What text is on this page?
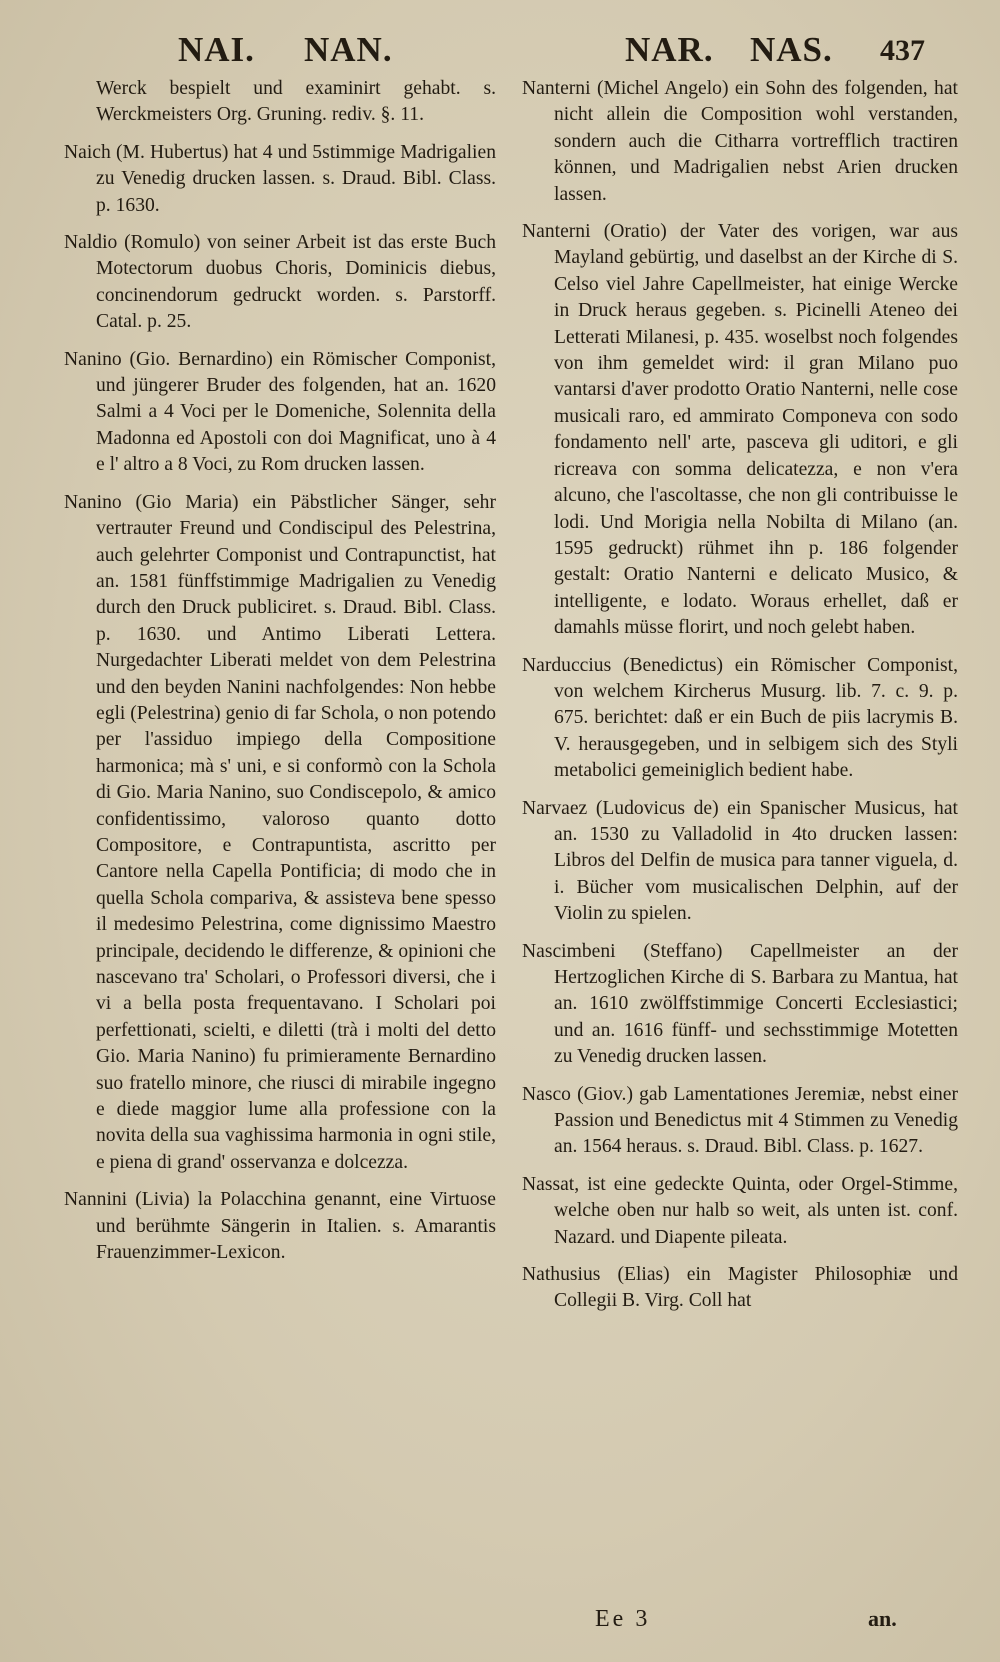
NAI. NAN.	NAR. NAS. 437

Werck bespielt und examinirt gehabt. s. Werckmeisters Org. Gruning. rediv. §. 11.

Naich (M. Hubertus) hat 4 und 5stimmige Madrigalien zu Venedig drucken lassen. s. Draud. Bibl. Class. p. 1630.

Naldio (Romulo) von seiner Arbeit ist das erste Buch Motectorum duobus Choris, Dominicis diebus, concinendorum gedruckt worden. s. Parstorff. Catal. p. 25.

Nanino (Gio. Bernardino) ein Römischer Componist, und jüngerer Bruder des folgenden, hat an. 1620 Salmi a 4 Voci per le Domeniche, Solennita della Madonna ed Apostoli con doi Magnificat, uno à 4 e l' altro a 8 Voci, zu Rom drucken lassen.

Nanino (Gio Maria) ein Päbstlicher Sänger, sehr vertrauter Freund und Condiscipul des Pelestrina, auch gelehrter Componist und Contrapunctist, hat an. 1581 fünffstimmige Madrigalien zu Venedig durch den Druck publiciret. s. Draud. Bibl. Class. p. 1630. und Antimo Liberati Lettera. Nurgedachter Liberati meldet von dem Pelestrina und den beyden Nanini nachfolgendes: Non hebbe egli (Pelestrina) genio di far Schola, o non potendo per l'assiduo impiego della Compositione harmonica; mà s' uni, e si conformò con la Schola di Gio. Maria Nanino, suo Condiscepolo, & amico confidentissimo, valoroso quanto dotto Compositore, e Contrapuntista, ascritto per Cantore nella Capella Pontificia; di modo che in quella Schola compariva, & assisteva bene spesso il medesimo Pelestrina, come dignissimo Maestro principale, decidendo le differenze, & opinioni che nascevano tra' Scholari, o Professori diversi, che i vi a bella posta frequentavano. I Scholari poi perfettionati, scielti, e diletti (trà i molti del detto Gio. Maria Nanino) fu primieramente Bernardino suo fratello minore, che riusci di mirabile ingegno e diede maggior lume alla professione con la novita della sua vaghissima harmonia in ogni stile, e piena di grand' osservanza e dolcezza.

Nannini (Livia) la Polacchina genannt, eine Virtuose und berühmte Sängerin in Italien. s. Amarantis Frauenzimmer-Lexicon.

Nanterni (Michel Angelo) ein Sohn des folgenden, hat nicht allein die Composition wohl verstanden, sondern auch die Citharra vortrefflich tractiren können, und Madrigalien nebst Arien drucken lassen.

Nanterni (Oratio) der Vater des vorigen, war aus Mayland gebürtig, und daselbst an der Kirche di S. Celso viel Jahre Capellmeister, hat einige Wercke in Druck heraus gegeben. s. Picinelli Ateneo dei Letterati Milanesi, p. 435. woselbst noch folgendes von ihm gemeldet wird: il gran Milano puo vantarsi d'aver prodotto Oratio Nanterni, nelle cose musicali raro, ed ammirato Componeva con sodo fondamento nell' arte, pasceva gli uditori, e gli ricreava con somma delicatezza, e non v'era alcuno, che l'ascoltasse, che non gli contribuisse le lodi. Und Morigia nella Nobilta di Milano (an. 1595 gedruckt) rühmet ihn p. 186 folgender gestalt: Oratio Nanterni e delicato Musico, & intelligente, e lodato. Woraus erhellet, daß er damahls müsse florirt, und noch gelebt haben.

Narduccius (Benedictus) ein Römischer Componist, von welchem Kircherus Musurg. lib. 7. c. 9. p. 675. berichtet: daß er ein Buch de piis lacrymis B. V. herausgegeben, und in selbigem sich des Styli metabolici gemeiniglich bedient habe.

Narvaez (Ludovicus de) ein Spanischer Musicus, hat an. 1530 zu Valladolid in 4to drucken lassen: Libros del Delfin de musica para tanner viguela, d. i. Bücher vom musicalischen Delphin, auf der Violin zu spielen.

Nascimbeni (Steffano) Capellmeister an der Hertzoglichen Kirche di S. Barbara zu Mantua, hat an. 1610 zwölffstimmige Concerti Ecclesiastici; und an. 1616 fünff- und sechsstimmige Motetten zu Venedig drucken lassen.

Nasco (Giov.) gab Lamentationes Jeremiæ, nebst einer Passion und Benedictus mit 4 Stimmen zu Venedig an. 1564 heraus. s. Draud. Bibl. Class. p. 1627.

Nassat, ist eine gedeckte Quinta, oder Orgel-Stimme, welche oben nur halb so weit, als unten ist. conf. Nazard. und Diapente pileata.

Nathusius (Elias) ein Magister Philosophiæ und Collegii B. Virg. Coll hat

Ee 3	an.
